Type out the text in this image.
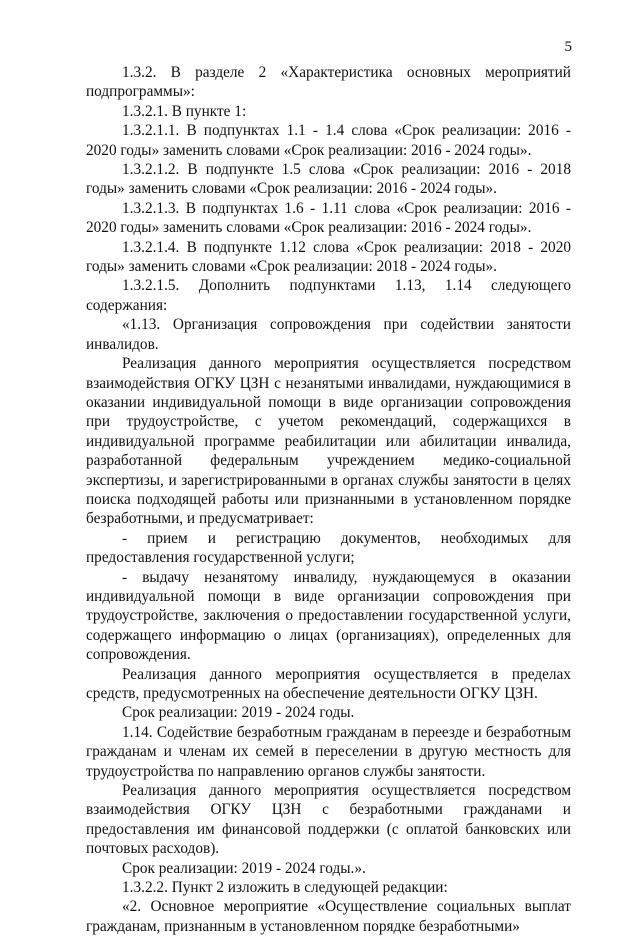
5

1.3.2. В разделе 2 «Характеристика основных мероприятий подпрограммы»:

1.3.2.1. В пункте 1:

1.3.2.1.1. В подпунктах 1.1 - 1.4 слова «Срок реализации: 2016 - 2020 годы» заменить словами «Срок реализации: 2016 - 2024 годы».

1.3.2.1.2. В подпункте 1.5 слова «Срок реализации: 2016 - 2018 годы» заменить словами «Срок реализации: 2016 - 2024 годы».

1.3.2.1.3. В подпунктах 1.6 - 1.11 слова «Срок реализации: 2016 - 2020 годы» заменить словами «Срок реализации: 2016 - 2024 годы».

1.3.2.1.4. В подпункте 1.12 слова «Срок реализации: 2018 - 2020 годы» заменить словами «Срок реализации: 2018 - 2024 годы».

1.3.2.1.5. Дополнить подпунктами 1.13, 1.14 следующего содержания:

«1.13. Организация сопровождения при содействии занятости инвалидов.

Реализация данного мероприятия осуществляется посредством взаимодействия ОГКУ ЦЗН с незанятыми инвалидами, нуждающимися в оказании индивидуальной помощи в виде организации сопровождения при трудоустройстве, с учетом рекомендаций, содержащихся в индивидуальной программе реабилитации или абилитации инвалида, разработанной федеральным учреждением медико-социальной экспертизы, и зарегистрированными в органах службы занятости в целях поиска подходящей работы или признанными в установленном порядке безработными, и предусматривает:

- прием и регистрацию документов, необходимых для предоставления государственной услуги;

- выдачу незанятому инвалиду, нуждающемуся в оказании индивидуальной помощи в виде организации сопровождения при трудоустройстве, заключения о предоставлении государственной услуги, содержащего информацию о лицах (организациях), определенных для сопровождения.

Реализация данного мероприятия осуществляется в пределах средств, предусмотренных на обеспечение деятельности ОГКУ ЦЗН.

Срок реализации: 2019 - 2024 годы.

1.14. Содействие безработным гражданам в переезде и безработным гражданам и членам их семей в переселении в другую местность для трудоустройства по направлению органов службы занятости.

Реализация данного мероприятия осуществляется посредством взаимодействия ОГКУ ЦЗН с безработными гражданами и предоставления им финансовой поддержки (с оплатой банковских или почтовых расходов).

Срок реализации: 2019 - 2024 годы.».

1.3.2.2. Пункт 2 изложить в следующей редакции:

«2. Основное мероприятие «Осуществление социальных выплат гражданам, признанным в установленном порядке безработными»
